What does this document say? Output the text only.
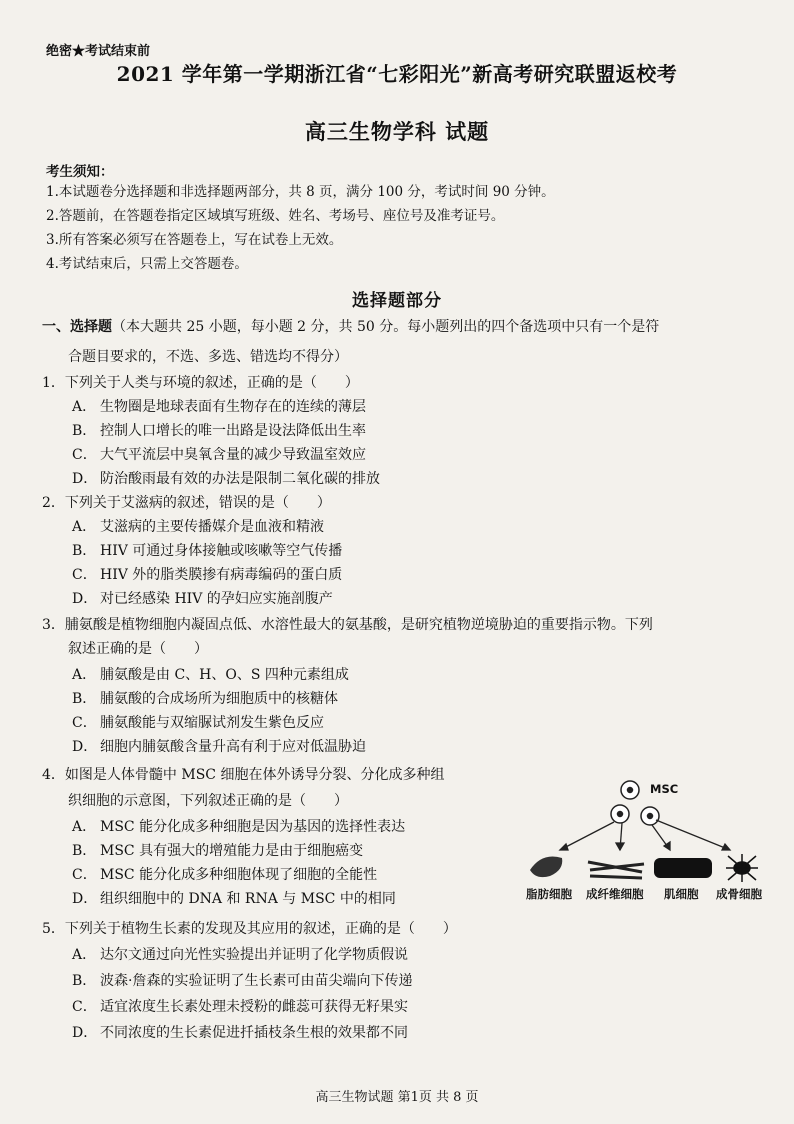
绝密★考试结束前
2021 学年第一学期浙江省“七彩阳光”新高考研究联盟返校考
高三生物学科 试题
考生须知：
1.本试题卷分选择题和非选择题两部分，共 8 页，满分 100 分，考试时间 90 分钟。
2.答题前，在答题卷指定区域填写班级、姓名、考场号、座位号及准考证号。
3.所有答案必须写在答题卷上，写在试卷上无效。
4.考试结束后，只需上交答题卷。
选择题部分
一、选择题（本大题共 25 小题，每小题 2 分，共 50 分。每小题列出的四个备选项中只有一个是符
合题目要求的，不选、多选、错选均不得分）
1．下列关于人类与环境的叙述，正确的是（　　）
A． 生物圈是地球表面有生物存在的连续的薄层
B． 控制人口增长的唯一出路是设法降低出生率
C． 大气平流层中臭氧含量的减少导致温室效应
D． 防治酸雨最有效的办法是限制二氧化碳的排放
2．下列关于艾滋病的叙述，错误的是（　　）
A． 艾滋病的主要传播媒介是血液和精液
B． HIV 可通过身体接触或咳嗽等空气传播
C． HIV 外的脂类膜掺有病毒编码的蛋白质
D． 对已经感染 HIV 的孕妇应实施剖腹产
3．脯氨酸是植物细胞内凝固点低、水溶性最大的氨基酸，是研究植物逆境胁迫的重要指示物。下列
叙述正确的是（　　）
A． 脯氨酸是由 C、H、O、S 四种元素组成
B． 脯氨酸的合成场所为细胞质中的核糖体
C． 脯氨酸能与双缩脲试剂发生紫色反应
D． 细胞内脯氨酸含量升高有利于应对低温胁迫
4．如图是人体骨髓中 MSC 细胞在体外诱导分裂、分化成多种组
织细胞的示意图，下列叙述正确的是（　　）
A． MSC 能分化成多种细胞是因为基因的选择性表达
B． MSC 具有强大的增殖能力是由于细胞癌变
C． MSC 能分化成多种细胞体现了细胞的全能性
D． 组织细胞中的 DNA 和 RNA 与 MSC 中的相同
MSC
脂肪细胞 成纤维细胞 肌细胞 成骨细胞
5．下列关于植物生长素的发现及其应用的叙述，正确的是（　　）
A． 达尔文通过向光性实验提出并证明了化学物质假说
B． 波森·詹森的实验证明了生长素可由苗尖端向下传递
C． 适宜浓度生长素处理未授粉的雌蕊可获得无籽果实
D． 不同浓度的生长素促进扦插枝条生根的效果都不同
高三生物试题 第1页 共 8 页
